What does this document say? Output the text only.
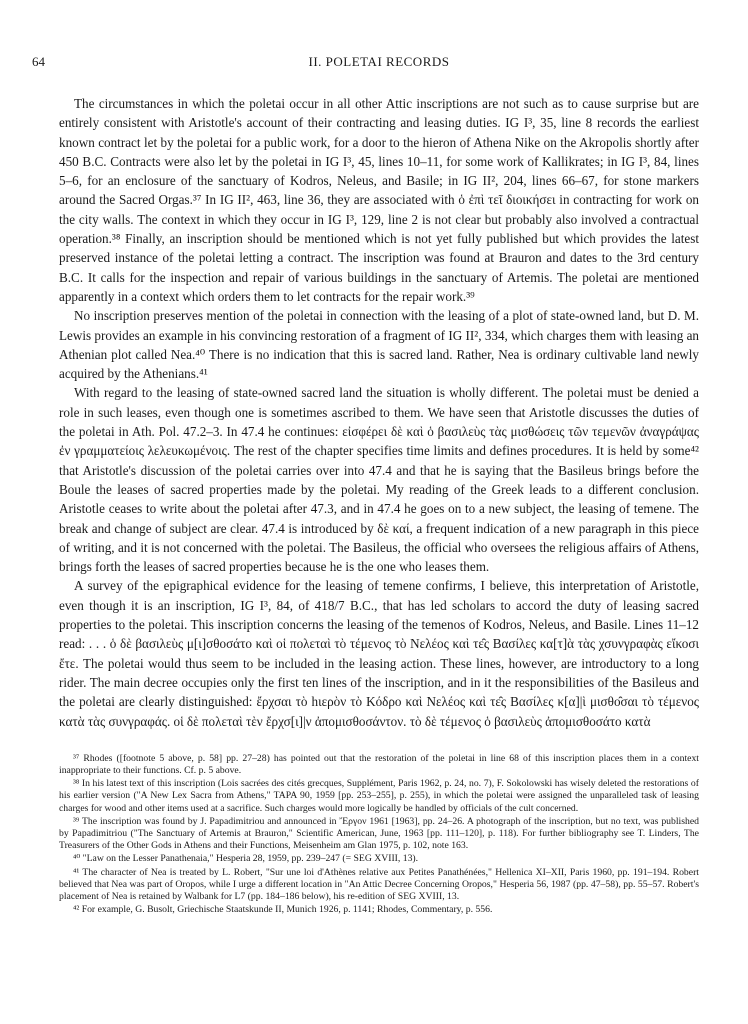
64	II. POLETAI RECORDS

The circumstances in which the poletai occur in all other Attic inscriptions are not such as to cause surprise but are entirely consistent with Aristotle's account of their contracting and leasing duties. IG I³, 35, line 8 records the earliest known contract let by the poletai for a public work, for a door to the hieron of Athena Nike on the Akropolis shortly after 450 B.C. Contracts were also let by the poletai in IG I³, 45, lines 10–11, for some work of Kallikrates; in IG I³, 84, lines 5–6, for an enclosure of the sanctuary of Kodros, Neleus, and Basile; in IG II², 204, lines 66–67, for stone markers around the Sacred Orgas.³⁷ In IG II², 463, line 36, they are associated with ὁ ἐπὶ τεῖ διοικήσει in contracting for work on the city walls. The context in which they occur in IG I³, 129, line 2 is not clear but probably also involved a contractual operation.³⁸ Finally, an inscription should be mentioned which is not yet fully published but which provides the latest preserved instance of the poletai letting a contract. The inscription was found at Brauron and dates to the 3rd century B.C. It calls for the inspection and repair of various buildings in the sanctuary of Artemis. The poletai are mentioned apparently in a context which orders them to let contracts for the repair work.³⁹

No inscription preserves mention of the poletai in connection with the leasing of a plot of state-owned land, but D. M. Lewis provides an example in his convincing restoration of a fragment of IG II², 334, which charges them with leasing an Athenian plot called Nea.⁴⁰ There is no indication that this is sacred land. Rather, Nea is ordinary cultivable land newly acquired by the Athenians.⁴¹

With regard to the leasing of state-owned sacred land the situation is wholly different. The poletai must be denied a role in such leases, even though one is sometimes ascribed to them. We have seen that Aristotle discusses the duties of the poletai in Ath. Pol. 47.2–3. In 47.4 he continues: εἰσφέρει δὲ καὶ ὁ βασιλεὺς τὰς μισθώσεις τῶν τεμενῶν ἀναγράψας ἐν γραμματείοις λελευκωμένοις. The rest of the chapter specifies time limits and defines procedures. It is held by some⁴² that Aristotle's discussion of the poletai carries over into 47.4 and that he is saying that the Basileus brings before the Boule the leases of sacred properties made by the poletai. My reading of the Greek leads to a different conclusion. Aristotle ceases to write about the poletai after 47.3, and in 47.4 he goes on to a new subject, the leasing of temene. The break and change of subject are clear. 47.4 is introduced by δὲ καί, a frequent indication of a new paragraph in this piece of writing, and it is not concerned with the poletai. The Basileus, the official who oversees the religious affairs of Athens, brings forth the leases of sacred properties because he is the one who leases them.

A survey of the epigraphical evidence for the leasing of temene confirms, I believe, this interpretation of Aristotle, even though it is an inscription, IG I³, 84, of 418/7 B.C., that has led scholars to accord the duty of leasing sacred properties to the poletai. This inscription concerns the leasing of the temenos of Kodros, Neleus, and Basile. Lines 11–12 read: . . . ὁ δὲ βασιλεὺς μ[ι]σθοσάτο καὶ οἱ πολεταὶ τὸ τέμενος τὸ Νελέος καὶ τε̑ς Βασίλες κα[τ]ὰ τὰς χσυνγραφὰς εἴκοσι ἔτε. The poletai would thus seem to be included in the leasing action. These lines, however, are introductory to a long rider. The main decree occupies only the first ten lines of the inscription, and in it the responsibilities of the Basileus and the poletai are clearly distinguished: ἔρχσαι τὸ hιερὸν τὸ Κόδρο καὶ Νελέος καὶ τε̑ς Βασίλες κ[α]|ὶ μισθο̑σαι τὸ τέμενος κατὰ τὰς συνγραφάς. οἱ δὲ πολεταὶ τὲν ἔρχσ[ι]|ν ἀπομισθοσάντον. τὸ δὲ τέμενος ὁ βασιλεὺς ἀπομισθοσάτο κατὰ

³⁷ Rhodes ([footnote 5 above, p. 58] pp. 27–28) has pointed out that the restoration of the poletai in line 68 of this inscription places them in a context inappropriate to their functions. Cf. p. 5 above.

³⁸ In his latest text of this inscription (Lois sacrées des cités grecques, Supplément, Paris 1962, p. 24, no. 7), F. Sokolowski has wisely deleted the restorations of his earlier version ("A New Lex Sacra from Athens," TAPA 90, 1959 [pp. 253–255], p. 255), in which the poletai were assigned the unparalleled task of leasing charges for wood and other items used at a sacrifice. Such charges would more logically be handled by officials of the cult concerned.

³⁹ The inscription was found by J. Papadimitriou and announced in Ἔργον 1961 [1963], pp. 24–26. A photograph of the inscription, but no text, was published by Papadimitriou ("The Sanctuary of Artemis at Brauron," Scientific American, June, 1963 [pp. 111–120], p. 118). For further bibliography see T. Linders, The Treasurers of the Other Gods in Athens and their Functions, Meisenheim am Glan 1975, p. 102, note 163.

⁴⁰ "Law on the Lesser Panathenaia," Hesperia 28, 1959, pp. 239–247 (= SEG XVIII, 13).

⁴¹ The character of Nea is treated by L. Robert, "Sur une loi d'Athènes relative aux Petites Panathénées," Hellenica XI–XII, Paris 1960, pp. 191–194. Robert believed that Nea was part of Oropos, while I urge a different location in "An Attic Decree Concerning Oropos," Hesperia 56, 1987 (pp. 47–58), pp. 55–57. Robert's placement of Nea is retained by Walbank for L7 (pp. 184–186 below), his re-edition of SEG XVIII, 13.

⁴² For example, G. Busolt, Griechische Staatskunde II, Munich 1926, p. 1141; Rhodes, Commentary, p. 556.
